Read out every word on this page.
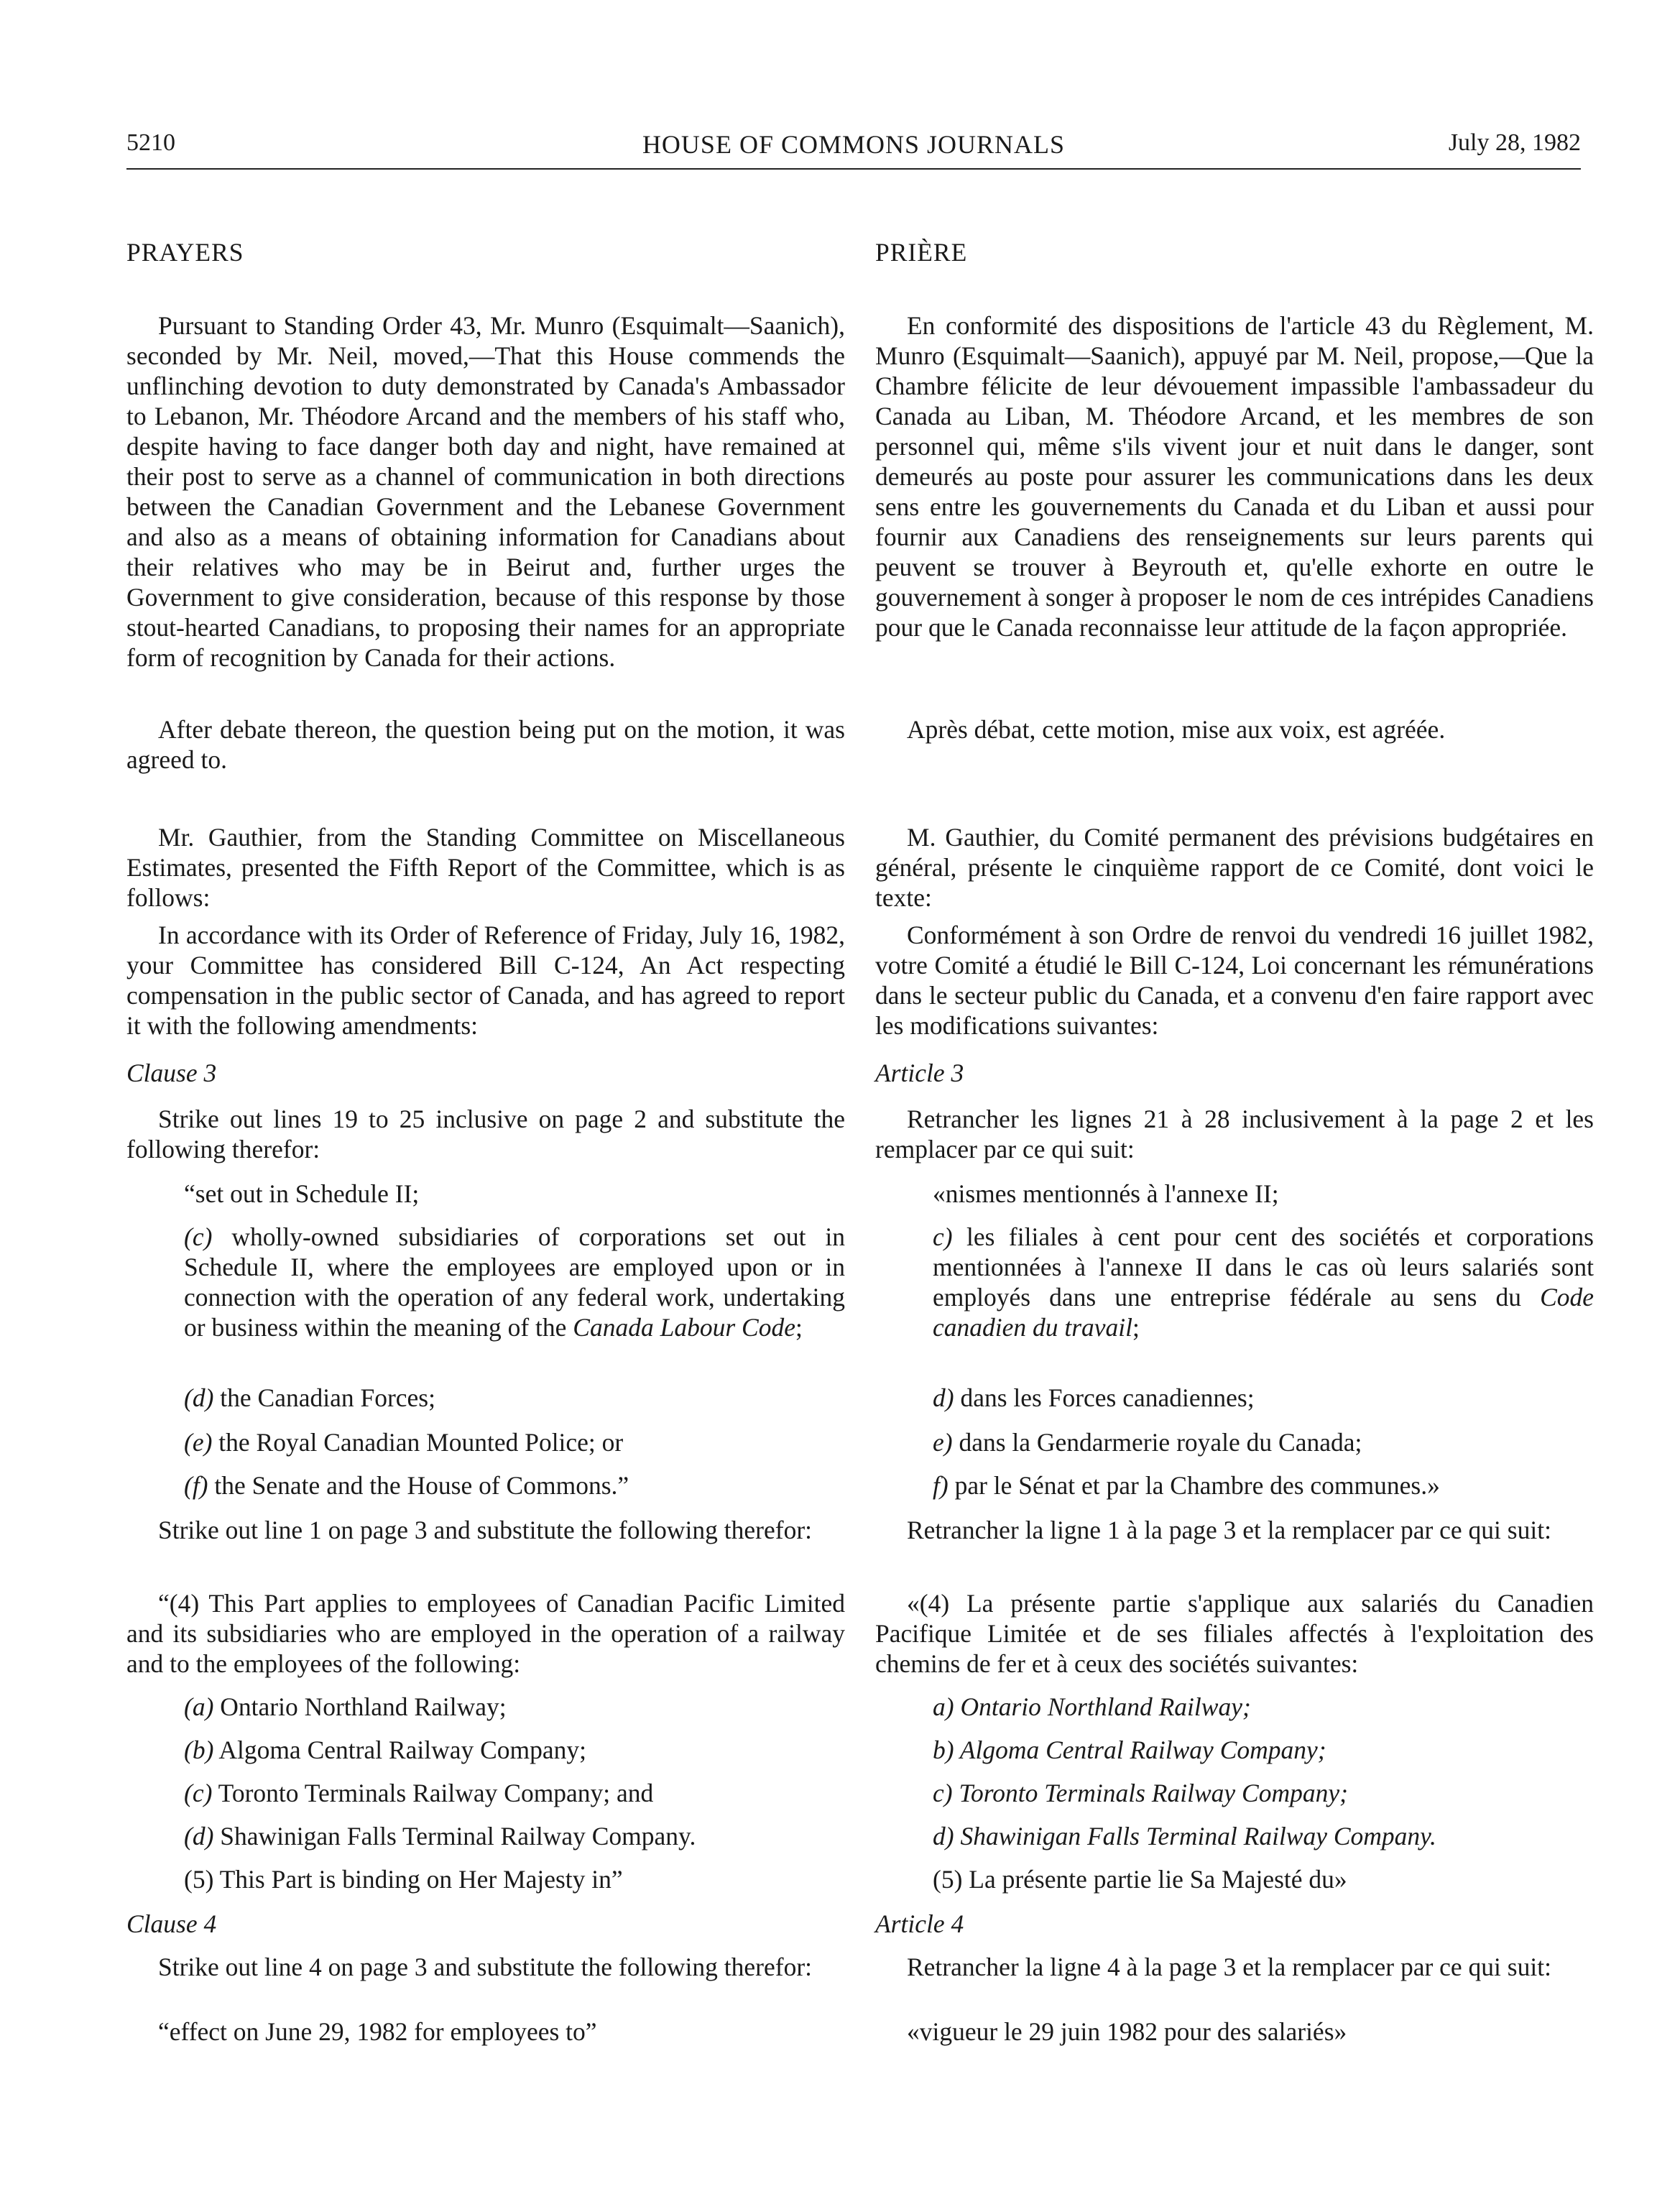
5210	HOUSE OF COMMONS JOURNALS	July 28, 1982
PRAYERS

Pursuant to Standing Order 43, Mr. Munro (Esquimalt—Saanich), seconded by Mr. Neil, moved,—That this House commends the unflinching devotion to duty demonstrated by Canada's Ambassador to Lebanon, Mr. Théodore Arcand and the members of his staff who, despite having to face danger both day and night, have remained at their post to serve as a channel of communication in both directions between the Canadian Government and the Lebanese Government and also as a means of obtaining information for Canadians about their relatives who may be in Beirut and, further urges the Government to give consideration, because of this response by those stout-hearted Canadians, to proposing their names for an appropriate form of recognition by Canada for their actions.

After debate thereon, the question being put on the motion, it was agreed to.

Mr. Gauthier, from the Standing Committee on Miscellaneous Estimates, presented the Fifth Report of the Committee, which is as follows:

In accordance with its Order of Reference of Friday, July 16, 1982, your Committee has considered Bill C-124, An Act respecting compensation in the public sector of Canada, and has agreed to report it with the following amendments:

Clause 3

Strike out lines 19 to 25 inclusive on page 2 and substitute the following therefor:

“set out in Schedule II;

(c) wholly-owned subsidiaries of corporations set out in Schedule II, where the employees are employed upon or in connection with the operation of any federal work, undertaking or business within the meaning of the Canada Labour Code;

(d) the Canadian Forces;
(e) the Royal Canadian Mounted Police; or
(f) the Senate and the House of Commons.”

Strike out line 1 on page 3 and substitute the following therefor:

“(4) This Part applies to employees of Canadian Pacific Limited and its subsidiaries who are employed in the operation of a railway and to the employees of the following:

(a) Ontario Northland Railway;
(b) Algoma Central Railway Company;
(c) Toronto Terminals Railway Company; and
(d) Shawinigan Falls Terminal Railway Company.
(5) This Part is binding on Her Majesty in”
Clause 4

Strike out line 4 on page 3 and substitute the following therefor:

“effect on June 29, 1982 for employees to”
PRIÈRE

En conformité des dispositions de l'article 43 du Règlement, M. Munro (Esquimalt—Saanich), appuyé par M. Neil, propose,—Que la Chambre félicite de leur dévouement impassible l'ambassadeur du Canada au Liban, M. Théodore Arcand, et les membres de son personnel qui, même s'ils vivent jour et nuit dans le danger, sont demeurés au poste pour assurer les communications dans les deux sens entre les gouvernements du Canada et du Liban et aussi pour fournir aux Canadiens des renseignements sur leurs parents qui peuvent se trouver à Beyrouth et, qu'elle exhorte en outre le gouvernement à songer à proposer le nom de ces intrépides Canadiens pour que le Canada reconnaisse leur attitude de la façon appropriée.

Après débat, cette motion, mise aux voix, est agréée.

M. Gauthier, du Comité permanent des prévisions budgétaires en général, présente le cinquième rapport de ce Comité, dont voici le texte:

Conformément à son Ordre de renvoi du vendredi 16 juillet 1982, votre Comité a étudié le Bill C-124, Loi concernant les rémunérations dans le secteur public du Canada, et a convenu d'en faire rapport avec les modifications suivantes:

Article 3

Retrancher les lignes 21 à 28 inclusivement à la page 2 et les remplacer par ce qui suit:

«nismes mentionnés à l'annexe II;

c) les filiales à cent pour cent des sociétés et corporations mentionnées à l'annexe II dans le cas où leurs salariés sont employés dans une entreprise fédérale au sens du Code canadien du travail;

d) dans les Forces canadiennes;
e) dans la Gendarmerie royale du Canada;
f) par le Sénat et par la Chambre des communes.»

Retrancher la ligne 1 à la page 3 et la remplacer par ce qui suit:

«(4) La présente partie s'applique aux salariés du Canadien Pacifique Limitée et de ses filiales affectés à l'exploitation des chemins de fer et à ceux des sociétés suivantes:

a) Ontario Northland Railway;
b) Algoma Central Railway Company;
c) Toronto Terminals Railway Company;
d) Shawinigan Falls Terminal Railway Company.
(5) La présente partie lie Sa Majesté du»
Article 4

Retrancher la ligne 4 à la page 3 et la remplacer par ce qui suit:

«vigueur le 29 juin 1982 pour des salariés»
